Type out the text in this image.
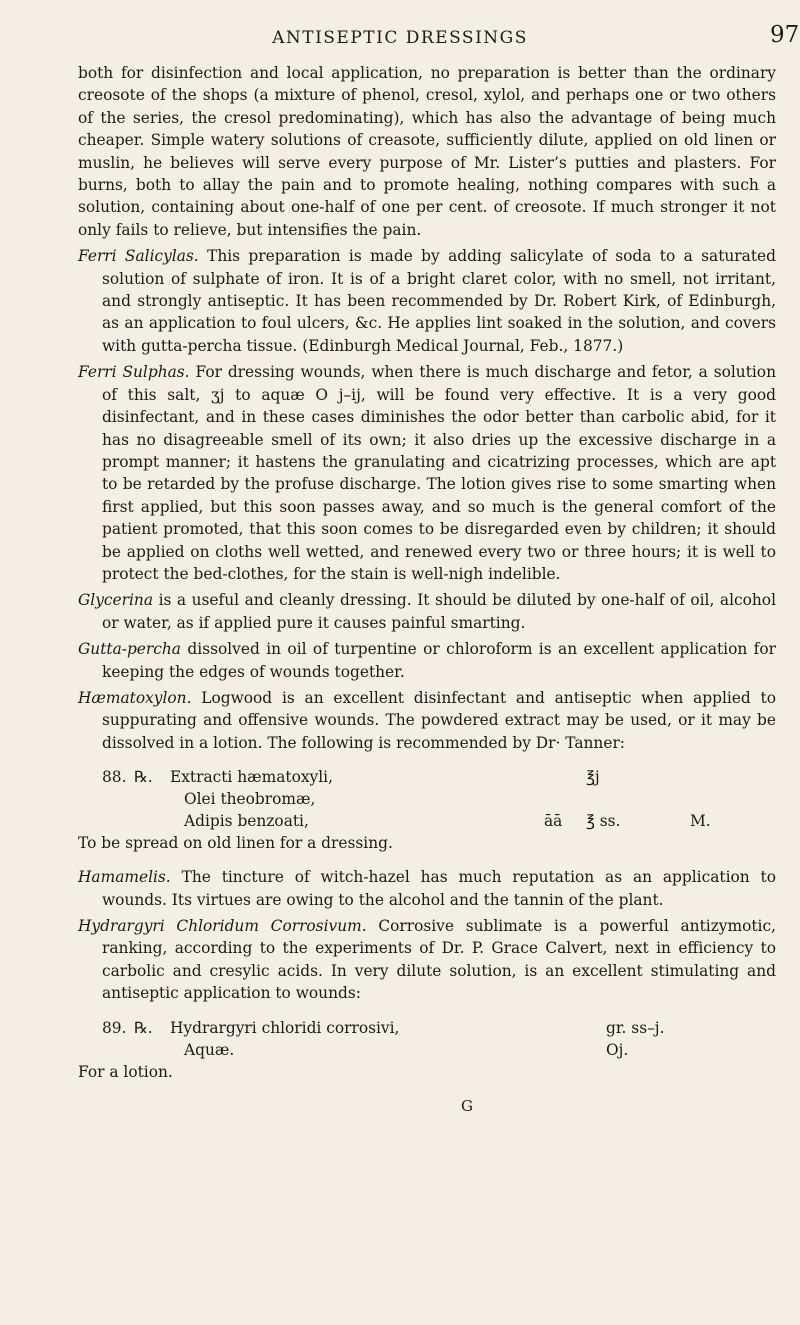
ANTISEPTIC DRESSINGS	97

both for disinfection and local application, no preparation is better than the ordinary creosote of the shops (a mixture of phenol, cresol, xylol, and perhaps one or two others of the series, the cresol predominating), which has also the advantage of being much cheaper. Simple watery solutions of creasote, sufficiently dilute, applied on old linen or muslin, he believes will serve every purpose of Mr. Lister’s putties and plasters. For burns, both to allay the pain and to promote healing, nothing compares with such a solution, containing about one-half of one per cent. of creosote. If much stronger it not only fails to relieve, but intensifies the pain.

Ferri Salicylas. This preparation is made by adding salicylate of soda to a saturated solution of sulphate of iron. It is of a bright claret color, with no smell, not irritant, and strongly antiseptic. It has been recommended by Dr. Robert Kirk, of Edinburgh, as an application to foul ulcers, &c. He applies lint soaked in the solution, and covers with gutta-percha tissue. (Edinburgh Medical Journal, Feb., 1877.)

Ferri Sulphas. For dressing wounds, when there is much discharge and fetor, a solution of this salt, ʒj to aquæ O j–ij, will be found very effective. It is a very good disinfectant, and in these cases diminishes the odor better than carbolic abid, for it has no disagreeable smell of its own; it also dries up the excessive discharge in a prompt manner; it hastens the granulating and cicatrizing processes, which are apt to be retarded by the profuse discharge. The lotion gives rise to some smarting when first applied, but this soon passes away, and so much is the general comfort of the patient promoted, that this soon comes to be disregarded even by children; it should be applied on cloths well wetted, and renewed every two or three hours; it is well to protect the bed-clothes, for the stain is well-nigh indelible.

Glycerina is a useful and cleanly dressing. It should be diluted by one-half of oil, alcohol or water, as if applied pure it causes painful smarting.

Gutta-percha dissolved in oil of turpentine or chloroform is an excellent application for keeping the edges of wounds together.

Hæmatoxylon. Logwood is an excellent disinfectant and antiseptic when applied to suppurating and offensive wounds. The powdered extract may be used, or it may be dissolved in a lotion. The following is recommended by Dr· Tanner:

88. ℞. Extracti hæmatoxyli,	℥j
Olei theobromæ,
Adipis benzoati,	āā ℥ ss.	M.
To be spread on old linen for a dressing.

Hamamelis. The tincture of witch-hazel has much reputation as an application to wounds. Its virtues are owing to the alcohol and the tannin of the plant.

Hydrargyri Chloridum Corrosivum. Corrosive sublimate is a powerful antizymotic, ranking, according to the experiments of Dr. P. Grace Calvert, next in efficiency to carbolic and cresylic acids. In very dilute solution, is an excellent stimulating and antiseptic application to wounds:

89. ℞. Hydrargyri chloridi corrosivi,	gr. ss–j.
Aquæ.	Oj.
For a lotion.
G
